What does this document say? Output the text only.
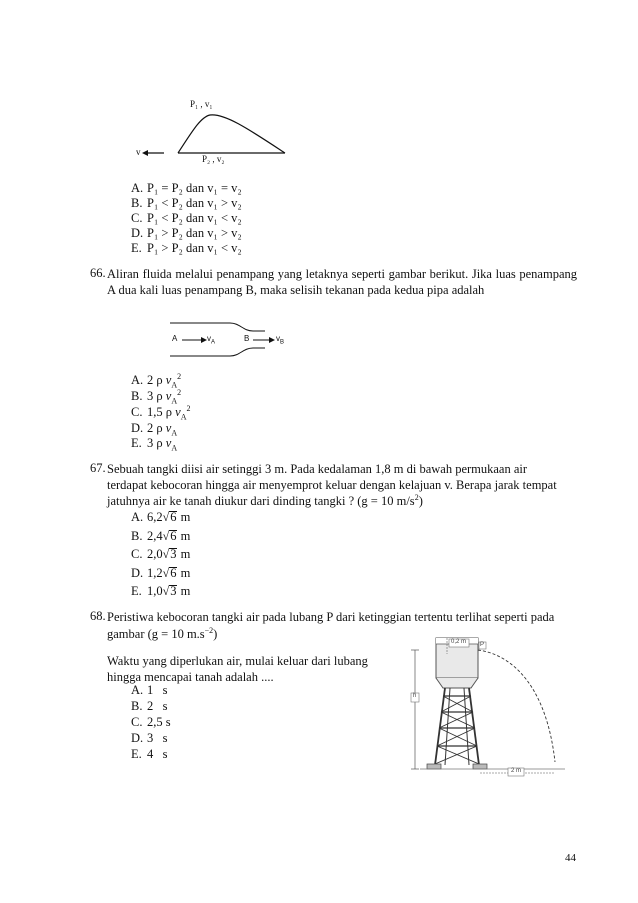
P₁ , v₁
v
P₂ , v₂
A. P₁ = P₂ dan v₁ = v₂
B. P₁ < P₂ dan v₁ > v₂
C. P₁ < P₂ dan v₁ < v₂
D. P₁ > P₂ dan v₁ > v₂
E. P₁ > P₂ dan v₁ < v₂
66. Aliran fluida melalui penampang yang letaknya seperti gambar berikut. Jika luas penampang A dua kali luas penampang B, maka selisih tekanan pada kedua pipa adalah
A	$v_A$	B	$v_B$
A. 2 ρ $v_A^2$
B. 3 ρ $v_A^2$
C. 1,5 ρ $v_A^2$
D. 2 ρ $v_A$
E. 3 ρ $v_A$
67. Sebuah tangki diisi air setinggi 3 m. Pada kedalaman 1,8 m di bawah permukaan air
terdapat kebocoran hingga air menyemprot keluar dengan kelajuan v. Berapa jarak tempat
jatuhnya air ke tanah diukur dari dinding tangki ? (g = 10 $m/s^2$)
A. 6,2√6 m
B. 2,4√6 m
C. 2,0√3 m
D. 1,2√6 m
E. 1,0√3 m
68. Peristiwa kebocoran tangki air pada lubang P dari ketinggian tertentu terlihat seperti pada
gambar (g = 10 $m.s^{-2}$)
Waktu yang diperlukan air, mulai keluar dari lubang
hingga mencapai tanah adalah ....
A. 1   s
B. 2   s
C. 2,5 s
D. 3   s
E. 4   s
0,2 m P
h
2 m
44
